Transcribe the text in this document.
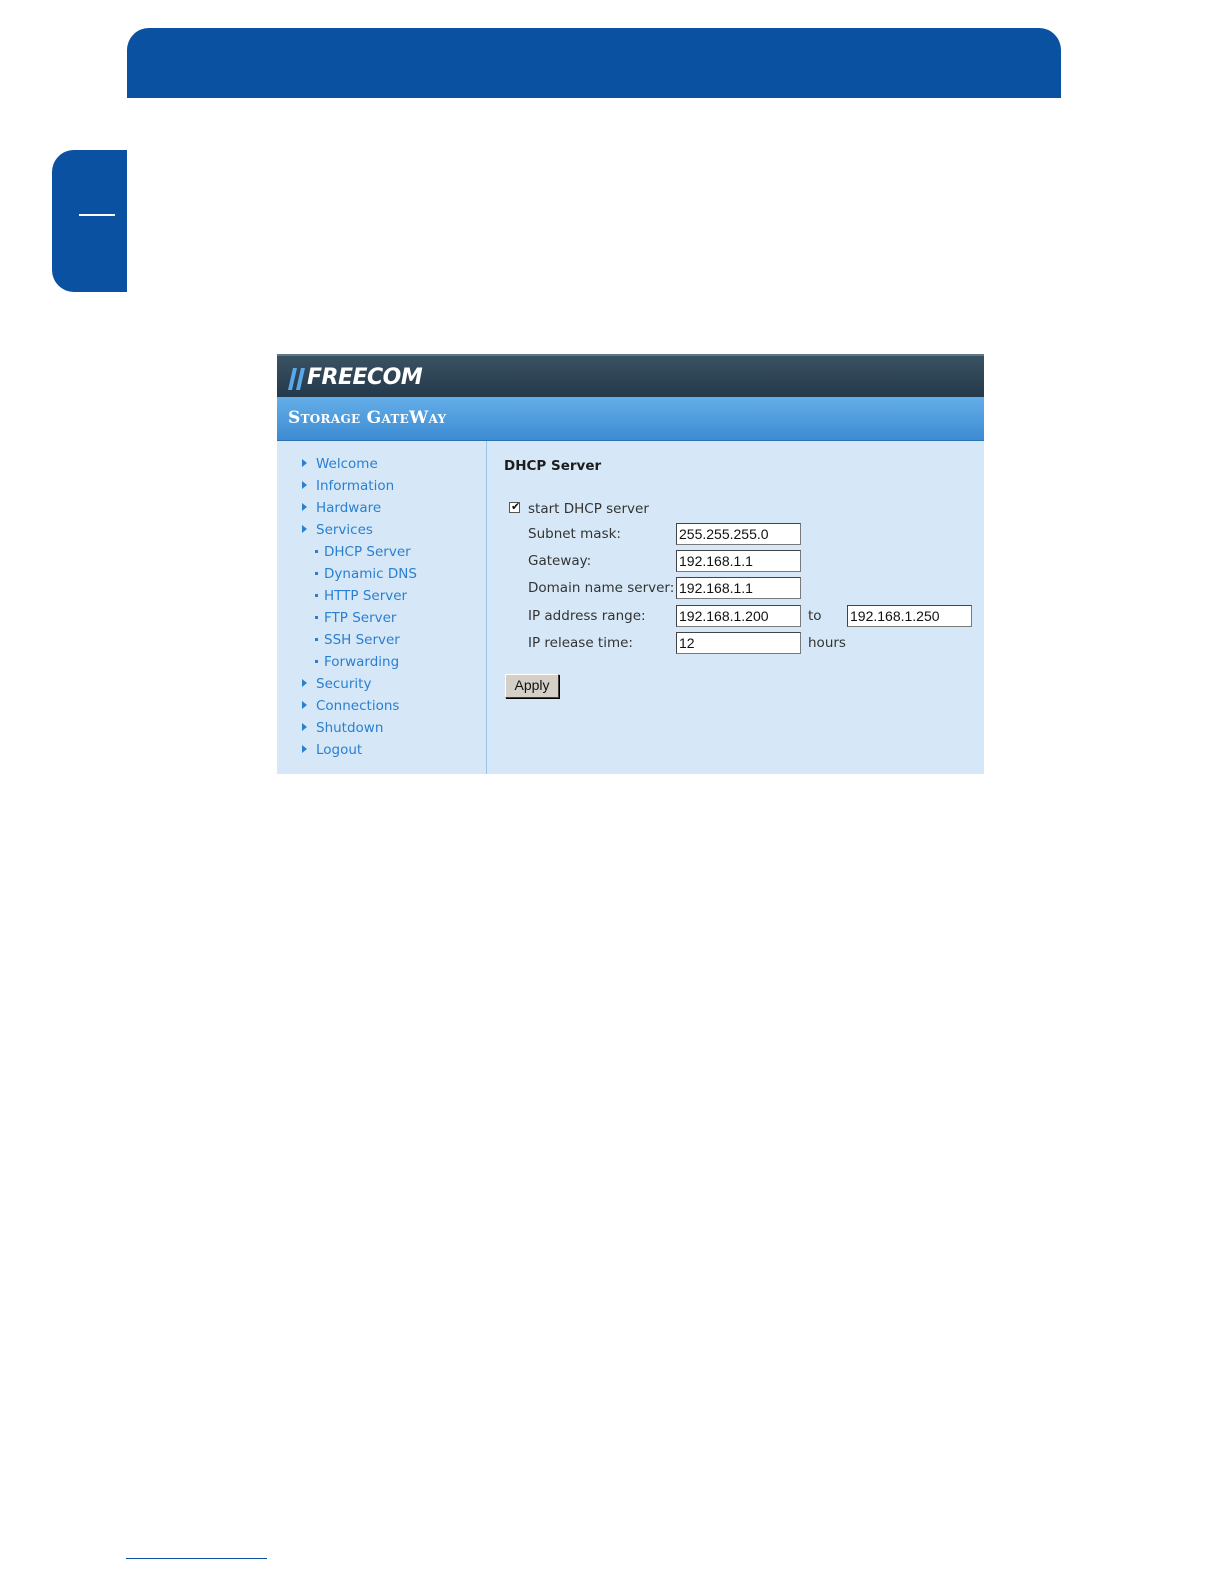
FREECOM
Storage GateWay
Welcome
Information
Hardware
Services
DHCP Server
Dynamic DNS
HTTP Server
FTP Server
SSH Server
Forwarding
Security
Connections
Shutdown
Logout
DHCP Server
✔ start DHCP server
Subnet mask:	255.255.255.0
Gateway:	192.168.1.1
Domain name server: 192.168.1.1
IP address range: 192.168.1.200	to 192.168.1.250
IP release time:	12	hours
Apply
